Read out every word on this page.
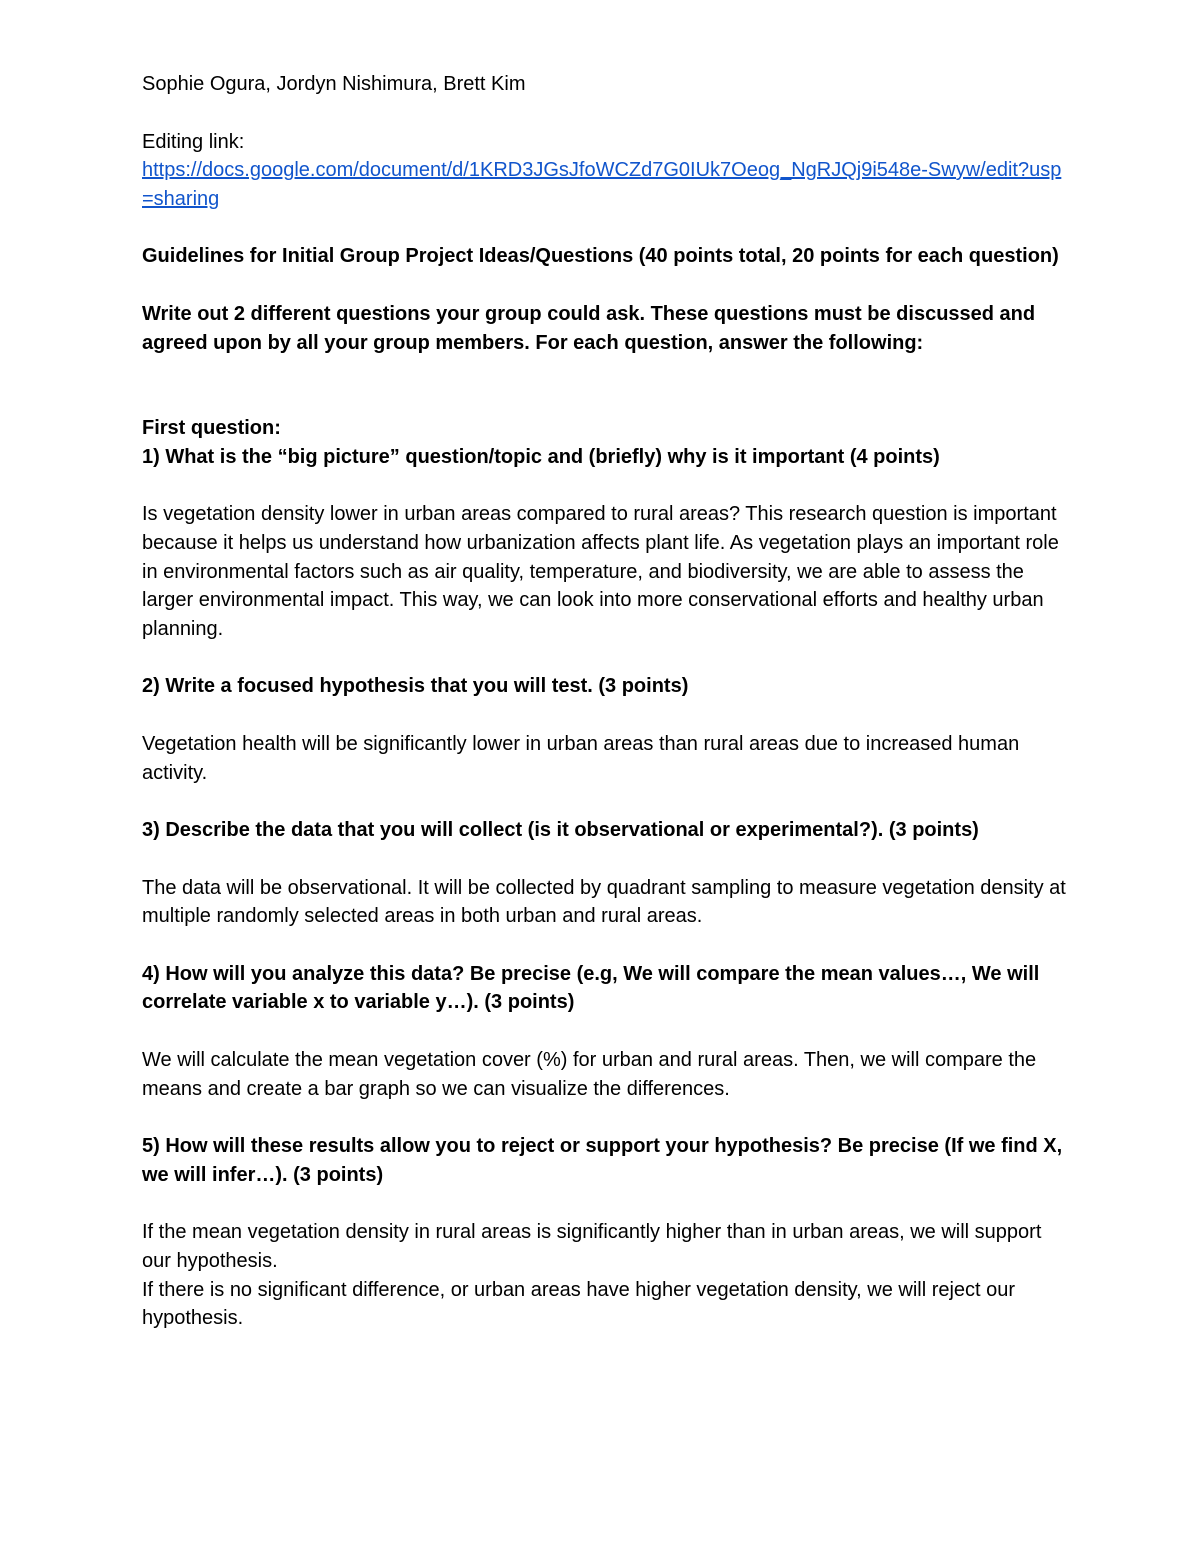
Sophie Ogura, Jordyn Nishimura, Brett Kim

Editing link:

https://docs.google.com/document/d/1KRD3JGsJfoWCZd7G0IUk7Oeog_NgRJQj9i548e-Swyw/edit?usp=sharing

Guidelines for Initial Group Project Ideas/Questions (40 points total, 20 points for each question)

Write out 2 different questions your group could ask. These questions must be discussed and agreed upon by all your group members. For each question, answer the following:

First question:

1) What is the “big picture” question/topic and (briefly) why is it important (4 points)

Is vegetation density lower in urban areas compared to rural areas? This research question is important because it helps us understand how urbanization affects plant life. As vegetation plays an important role in environmental factors such as air quality, temperature, and biodiversity, we are able to assess the larger environmental impact. This way, we can look into more conservational efforts and healthy urban planning.

2) Write a focused hypothesis that you will test. (3 points)

Vegetation health will be significantly lower in urban areas than rural areas due to increased human activity.

3) Describe the data that you will collect (is it observational or experimental?). (3 points)

The data will be observational. It will be collected by quadrant sampling to measure vegetation density at multiple randomly selected areas in both urban and rural areas.

4) How will you analyze this data? Be precise (e.g, We will compare the mean values…, We will correlate variable x to variable y…). (3 points)

We will calculate the mean vegetation cover (%) for urban and rural areas. Then, we will compare the means and create a bar graph so we can visualize the differences.

5) How will these results allow you to reject or support your hypothesis? Be precise (If we find X, we will infer…). (3 points)

If the mean vegetation density in rural areas is significantly higher than in urban areas, we will support our hypothesis.

If there is no significant difference, or urban areas have higher vegetation density, we will reject our hypothesis.
